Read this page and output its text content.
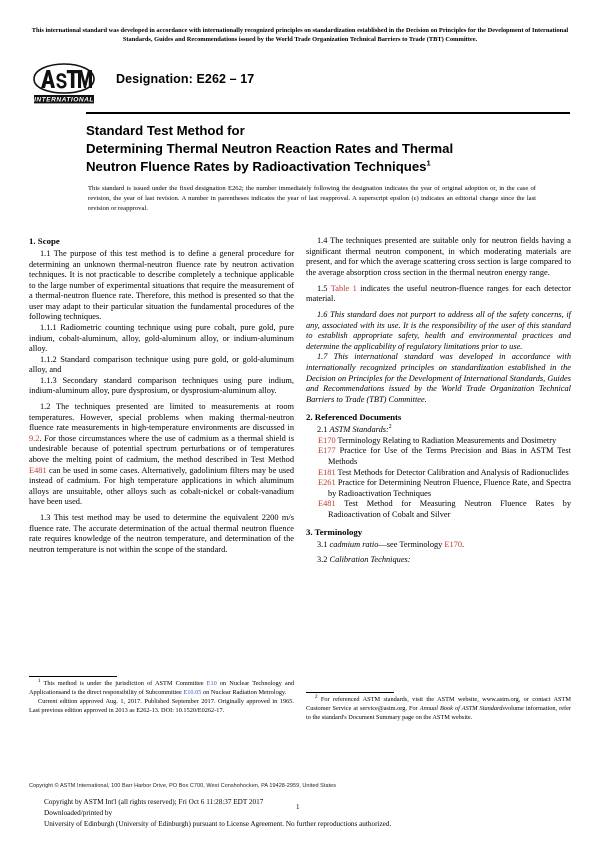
This international standard was developed in accordance with internationally recognized principles on standardization established in the Decision on Principles for the Development of International Standards, Guides and Recommendations issued by the World Trade Organization Technical Barriers to Trade (TBT) Committee.
INTERNATIONAL
Designation: E262 – 17
Standard Test Method for
Determining Thermal Neutron Reaction Rates and Thermal
Neutron Fluence Rates by Radioactivation Techniques$^1$
This standard is issued under the fixed designation E262; the number immediately following the designation indicates the year of original adoption or, in the case of revision, the year of last revision. A number in parentheses indicates the year of last reapproval. A superscript epsilon (ε) indicates an editorial change since the last revision or reapproval.
1. Scope

1.1 The purpose of this test method is to define a general procedure for determining an unknown thermal-neutron fluence rate by neutron activation techniques. It is not practicable to describe completely a technique applicable to the large number of experimental situations that require the measurement of a thermal-neutron fluence rate. Therefore, this method is presented so that the user may adapt to their particular situation the fundamental procedures of the following techniques.

1.1.1 Radiometric counting technique using pure cobalt, pure gold, pure indium, cobalt-aluminum, alloy, gold-aluminum alloy, or indium-aluminum alloy.

1.1.2 Standard comparison technique using pure gold, or gold-aluminum alloy, and

1.1.3 Secondary standard comparison techniques using pure indium, indium-aluminum alloy, pure dysprosium, or dysprosium-aluminum alloy.

1.2 The techniques presented are limited to measurements at room temperatures. However, special problems when making thermal-neutron fluence rate measurements in high-temperature environments are discussed in 9.2. For those circumstances where the use of cadmium as a thermal shield is undesirable because of potential spectrum perturbations or of temperatures above the melting point of cadmium, the method described in Test Method E481 can be used in some cases. Alternatively, gadolinium filters may be used instead of cadmium. For high temperature applications in which aluminum alloys are unsuitable, other alloys such as cobalt-nickel or cobalt-vanadium have been used.

1.3 This test method may be used to determine the equivalent 2200 m/s fluence rate. The accurate determination of the actual thermal neutron fluence rate requires knowledge of the neutron temperature, and determination of the neutron temperature is not within the scope of the standard.

1.4 The techniques presented are suitable only for neutron fields having a significant thermal neutron component, in which moderating materials are present, and for which the average scattering cross section is large compared to the average absorption cross section in the thermal neutron energy range.

1.5 Table 1 indicates the useful neutron-fluence ranges for each detector material.

1.6 This standard does not purport to address all of the safety concerns, if any, associated with its use. It is the responsibility of the user of this standard to establish appropriate safety, health and environmental practices and determine the applicability of regulatory limitations prior to use.

1.7 This international standard was developed in accordance with internationally recognized principles on standardization established in the Decision on Principles for the Development of International Standards, Guides and Recommendations issued by the World Trade Organization Technical Barriers to Trade (TBT) Committee.

2. Referenced Documents

2.1 ASTM Standards:$^2$

E170 Terminology Relating to Radiation Measurements and Dosimetry

E177 Practice for Use of the Terms Precision and Bias in ASTM Test Methods

E181 Test Methods for Detector Calibration and Analysis of Radionuclides

E261 Practice for Determining Neutron Fluence, Fluence Rate, and Spectra by Radioactivation Techniques

E481 Test Method for Measuring Neutron Fluence Rates by Radioactivation of Cobalt and Silver

3. Terminology

3.1 cadmium ratio—see Terminology E170.

3.2 Calibration Techniques:

$^1$ This method is under the jurisdiction of ASTM Committee E10 on Nuclear Technology and Applicationsand is the direct responsibility of Subcommittee E10.05 on Nuclear Radiation Metrology.

Current edition approved Aug. 1, 2017. Published September 2017. Originally approved in 1965. Last previous edition approved in 2013 as E262-13. DOI: 10.1520/E0262-17.

$^2$ For referenced ASTM standards, visit the ASTM website, www.astm.org, or contact ASTM Customer Service at service@astm.org. For Annual Book of ASTM Standardsvolume information, refer to the standard's Document Summary page on the ASTM website.

Copyright © ASTM International, 100 Barr Harbor Drive, PO Box C700, West Conshohocken, PA 19428-2959, United States
Copyright by ASTM Int'l (all rights reserved); Fri Oct 6 11:28:37 EDT 2017
Downloaded/printed by
University of Edinburgh (University of Edinburgh) pursuant to License Agreement. No further reproductions authorized.
1
